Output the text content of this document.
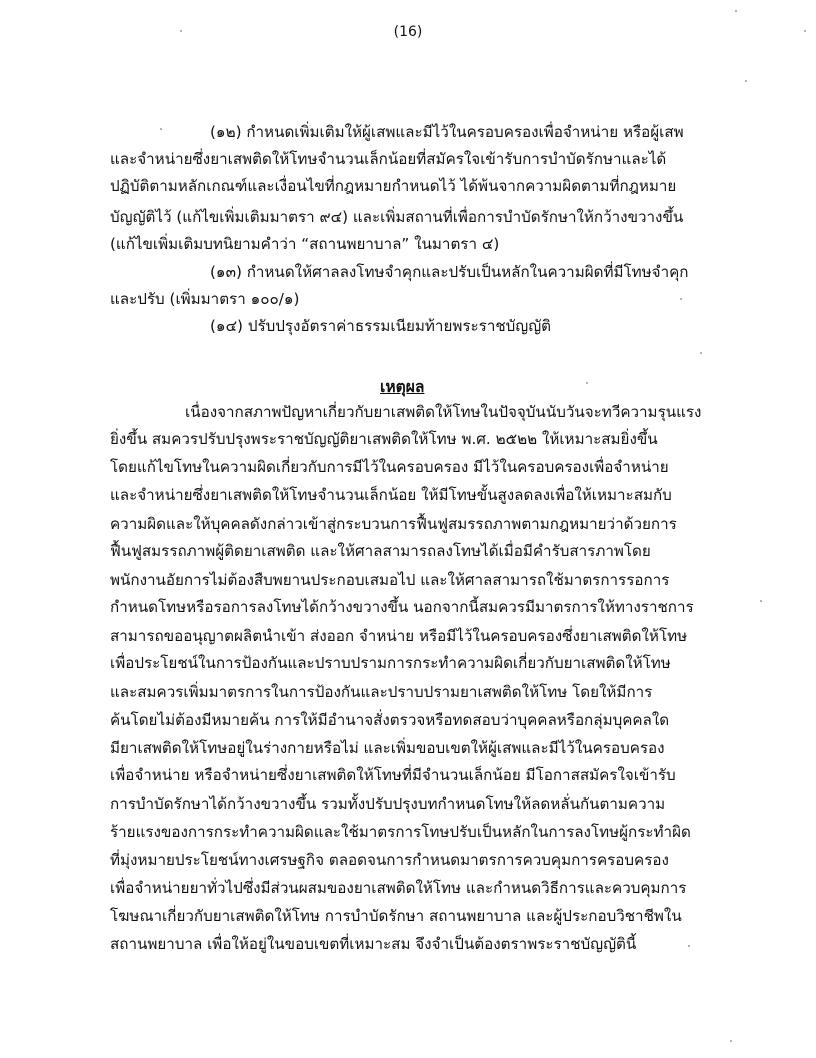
(16)
(๑๒) กำหนดเพิ่มเติมให้ผู้เสพและมีไว้ในครอบครองเพื่อจำหน่าย หรือผู้เสพ
และจำหน่ายซึ่งยาเสพติดให้โทษจำนวนเล็กน้อยที่สมัครใจเข้ารับการบำบัดรักษาและได้
ปฏิบัติตามหลักเกณฑ์และเงื่อนไขที่กฎหมายกำหนดไว้ ได้พ้นจากความผิดตามที่กฎหมาย
บัญญัติไว้ (แก้ไขเพิ่มเติมมาตรา ๙๔) และเพิ่มสถานที่เพื่อการบำบัดรักษาให้กว้างขวางขึ้น
(แก้ไขเพิ่มเติมบทนิยามคำว่า “สถานพยาบาล” ในมาตรา ๔)
(๑๓) กำหนดให้ศาลลงโทษจำคุกและปรับเป็นหลักในความผิดที่มีโทษจำคุก
และปรับ (เพิ่มมาตรา ๑๐๐/๑)
(๑๔) ปรับปรุงอัตราค่าธรรมเนียมท้ายพระราชบัญญัติ
เหตุผล
เนื่องจากสภาพปัญหาเกี่ยวกับยาเสพติดให้โทษในปัจจุบันนับวันจะทวีความรุนแรง
ยิ่งขึ้น สมควรปรับปรุงพระราชบัญญัติยาเสพติดให้โทษ พ.ศ. ๒๕๒๒ ให้เหมาะสมยิ่งขึ้น
โดยแก้ไขโทษในความผิดเกี่ยวกับการมีไว้ในครอบครอง มีไว้ในครอบครองเพื่อจำหน่าย
และจำหน่ายซึ่งยาเสพติดให้โทษจำนวนเล็กน้อย ให้มีโทษขั้นสูงลดลงเพื่อให้เหมาะสมกับ
ความผิดและให้บุคคลดังกล่าวเข้าสู่กระบวนการฟื้นฟูสมรรถภาพตามกฎหมายว่าด้วยการ
ฟื้นฟูสมรรถภาพผู้ติดยาเสพติด และให้ศาลสามารถลงโทษได้เมื่อมีคำรับสารภาพโดย
พนักงานอัยการไม่ต้องสืบพยานประกอบเสมอไป และให้ศาลสามารถใช้มาตรการรอการ
กำหนดโทษหรือรอการลงโทษได้กว้างขวางขึ้น นอกจากนี้สมควรมีมาตรการให้ทางราชการ
สามารถขออนุญาตผลิตนำเข้า ส่งออก จำหน่าย หรือมีไว้ในครอบครองซึ่งยาเสพติดให้โทษ
เพื่อประโยชน์ในการป้องกันและปราบปรามการกระทำความผิดเกี่ยวกับยาเสพติดให้โทษ
และสมควรเพิ่มมาตรการในการป้องกันและปราบปรามยาเสพติดให้โทษ โดยให้มีการ
ค้นโดยไม่ต้องมีหมายค้น การให้มีอำนาจสั่งตรวจหรือทดสอบว่าบุคคลหรือกลุ่มบุคคลใด
มียาเสพติดให้โทษอยู่ในร่างกายหรือไม่ และเพิ่มขอบเขตให้ผู้เสพและมีไว้ในครอบครอง
เพื่อจำหน่าย หรือจำหน่ายซึ่งยาเสพติดให้โทษที่มีจำนวนเล็กน้อย มีโอกาสสมัครใจเข้ารับ
การบำบัดรักษาได้กว้างขวางขึ้น รวมทั้งปรับปรุงบทกำหนดโทษให้ลดหลั่นกันตามความ
ร้ายแรงของการกระทำความผิดและใช้มาตรการโทษปรับเป็นหลักในการลงโทษผู้กระทำผิด
ที่มุ่งหมายประโยชน์ทางเศรษฐกิจ ตลอดจนการกำหนดมาตรการควบคุมการครอบครอง
เพื่อจำหน่ายยาทั่วไปซึ่งมีส่วนผสมของยาเสพติดให้โทษ และกำหนดวิธีการและควบคุมการ
โฆษณาเกี่ยวกับยาเสพติดให้โทษ การบำบัดรักษา สถานพยาบาล และผู้ประกอบวิชาชีพใน
สถานพยาบาล เพื่อให้อยู่ในขอบเขตที่เหมาะสม จึงจำเป็นต้องตราพระราชบัญญัตินี้
